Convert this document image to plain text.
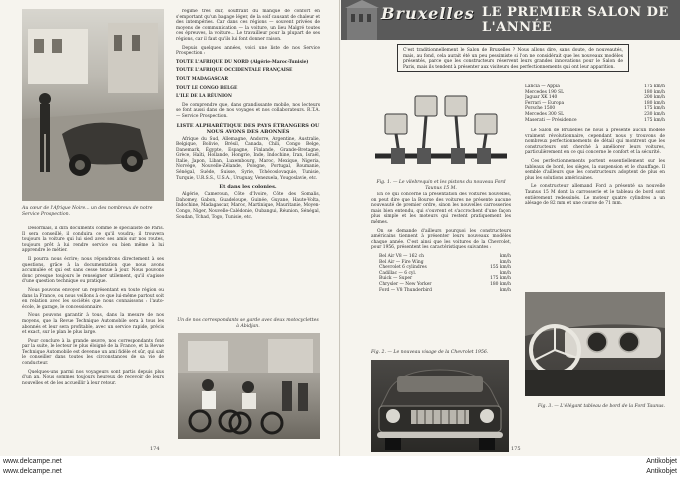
Au cœur de l'Afrique Noire... un des nombreux de notre Service Prospection.

Désormais, il dira documents comme le spécialiste de Paris. Il sera conseillé, il conduira ce qu'il voudra; il trouvera toujours la voiture qui lui sied avec ses amis sur nos routes, toujours prêt à lui rendre service ou bien même à lui apprendre le métier.

Il pourra nous écrire; nous répondrons directement à ses questions, grâce à la documentation que nous avons accumulée et qui est sans cesse tenue à jour. Nous pouvons donc presque toujours le renseigner utilement, qu'il s'agisse d'une question technique ou pratique.

Nous pouvons envoyer un représentant en toute région ou dans la France, ou nous veillons à ce que lui-même partout soit en relation avec les sociétés que nous connaissons : l'auto-école, le garage, le concessionnaire.

Nous pouvons garantir à tous, dans la mesure de nos moyens, que la Revue Technique Automobile sera à tous les abonnés et leur sera profitable, avec un service rapide, précis et exact, sur le plan le plus large.

Pour conclure à la grande œuvre, nos correspondants font par la suite, le lecteur le plus éloigné de la France, et la Revue Technique Automobile est devenue un ami fidèle et sûr, qui sait le conseiller dans toutes les circonstances de sa vie de conducteur.

Quelques-uns parmi nos voyageurs sont partis depuis plus d'un an. Nous sommes toujours heureux de recevoir de leurs nouvelles et de les accueillir à leur retour.

régime très dur, souffrant du manque de confort en s'emportant qu'un bagage léger, de la soif causant de chaleur et des intempéries. Car dans ces régions — souvent privées de moyens de communication — la voiture, un lieu Malgré toutes ces épreuves, la voiture... Le travailleur pour la plupart de ses régions, car il faut qu'ils lui font donner raison.

Depuis quelques années, voici une liste de nos Service Prospection :

TOUTE L'AFRIQUE DU NORD (Algérie-Maroc-Tunisie)

TOUTE L'AFRIQUE OCCIDENTALE FRANÇAISE

TOUT MADAGASCAR

TOUT LE CONGO BELGE

L'ILE DE LA RÉUNION

De comprendre que, dans grandissante mobile, nos lecteurs se font aussi dans de nos voyages et nos collaborateurs. R.T.A. — Service Prospection.

LISTE ALPHABÉTIQUE DES PAYS ÉTRANGERS OU NOUS AVONS DES ABONNÉS

Afrique du Sud, Allemagne, Andorre, Argentine, Australie, Belgique, Bolivie, Brésil, Canada, Chili, Congo Belge, Danemark, Égypte, Espagne, Finlande, Grande-Bretagne, Grèce, Haïti, Hollande, Hongrie, Inde, Indochine, Iran, Israël, Italie, Japon, Liban, Luxembourg, Maroc, Mexique, Nigeria, Norvège, Nouvelle-Zélande, Pologne, Portugal, Roumanie, Sénégal, Suède, Suisse, Syrie, Tchécoslovaquie, Tunisie, Turquie, U.R.S.S., U.S.A., Uruguay, Venezuela, Yougoslavie, etc.

Et dans les colonies.

Algérie, Cameroun, Côte d'Ivoire, Côte des Somalis, Dahomey, Gabon, Guadeloupe, Guinée, Guyane, Haute-Volta, Indochine, Madagascar, Maroc, Martinique, Mauritanie, Moyen-Congo, Niger, Nouvelle-Calédonie, Oubangui, Réunion, Sénégal, Soudan, Tchad, Togo, Tunisie, etc.

Un de nos correspondants se garde avec deux motocyclettes à Abidjan.
174
Bruxelles LE PREMIER SALON DE L'ANNÉE
C'est traditionnellement le Salon de Bruxelles ? Nous allons dire, sans doute, de nouveautés, mais, au fond, cela aurait été un peu pessimiste si l'on ne considérait que les nouveaux modèles présentés, parce que les constructeurs réservent leurs grandes innovations pour le Salon de Paris, mais ils tendent à présenter aux visiteurs des perfectionnements qui ont leur apparition.
Fig. 1. — Le vilebrequin et les pistons du nouveau Ford Taunus 15 M.
Lancia — Appia	175 km/h
Mercedes 190 SL	180 km/h
Jaguar XK 140	200 km/h
Ferrari — Europa	180 km/h
Porsche 1500	175 km/h
Mercedes 300 SL	230 km/h
Maserati — Présidence	175 km/h

Le Salon de Bruxelles ne nous a présenté aucun modèle vraiment révolutionnaire, cependant nous y trouvons de nombreux perfectionnements de détail qui montrent que les constructeurs ont cherché à améliorer leurs voitures, particulièrement en ce qui concerne le confort et la sécurité.

Ces perfectionnements portent essentiellement sur les tableaux de bord, les sièges, la suspension et le chauffage. Il semble d'ailleurs que les constructeurs adoptent de plus en plus les solutions américaines.

Le constructeur allemand Ford a présenté sa nouvelle Taunus 15 M dont la carrosserie et le tableau de bord sont entièrement redessinés. Le moteur quatre cylindres a un alésage de 82 mm et une course de 71 mm.

En ce qui concerne la présentation des voitures nouvelles, on peut dire que la Bourse des voitures ne présente aucune nouveauté de premier ordre, sinon les nouvelles carrosseries mais bien entendu, qui s'ouvrent et s'accrochent d'une façon plus simple et les moteurs qui restent pratiquement les mêmes.

On se demande d'ailleurs pourquoi les constructeurs américains tiennent à présenter leurs nouveaux modèles chaque année. C'est ainsi que les voitures de la Chevrolet, pour 1956, présentent les caractéristiques suivantes :

Bel Air V8 — 162 ch	km/h
Bel Air — Fire Wing	km/h
Chevrolet 6 cylindres	155 km/h
Cadillac — 6 cyl.	km/h
Buick — Super	175 km/h
Chrysler — New Yorker	180 km/h
Ford — V8 Thunderbird	km/h
Fig. 2. — Le nouveau visage de la Chevrolet 1956.
Fig. 3. — L'élégant tableau de bord de la Ford Taunus.
175
www.delcampe.net
www.delcampe.net
Antikobjet
Antikobjet
